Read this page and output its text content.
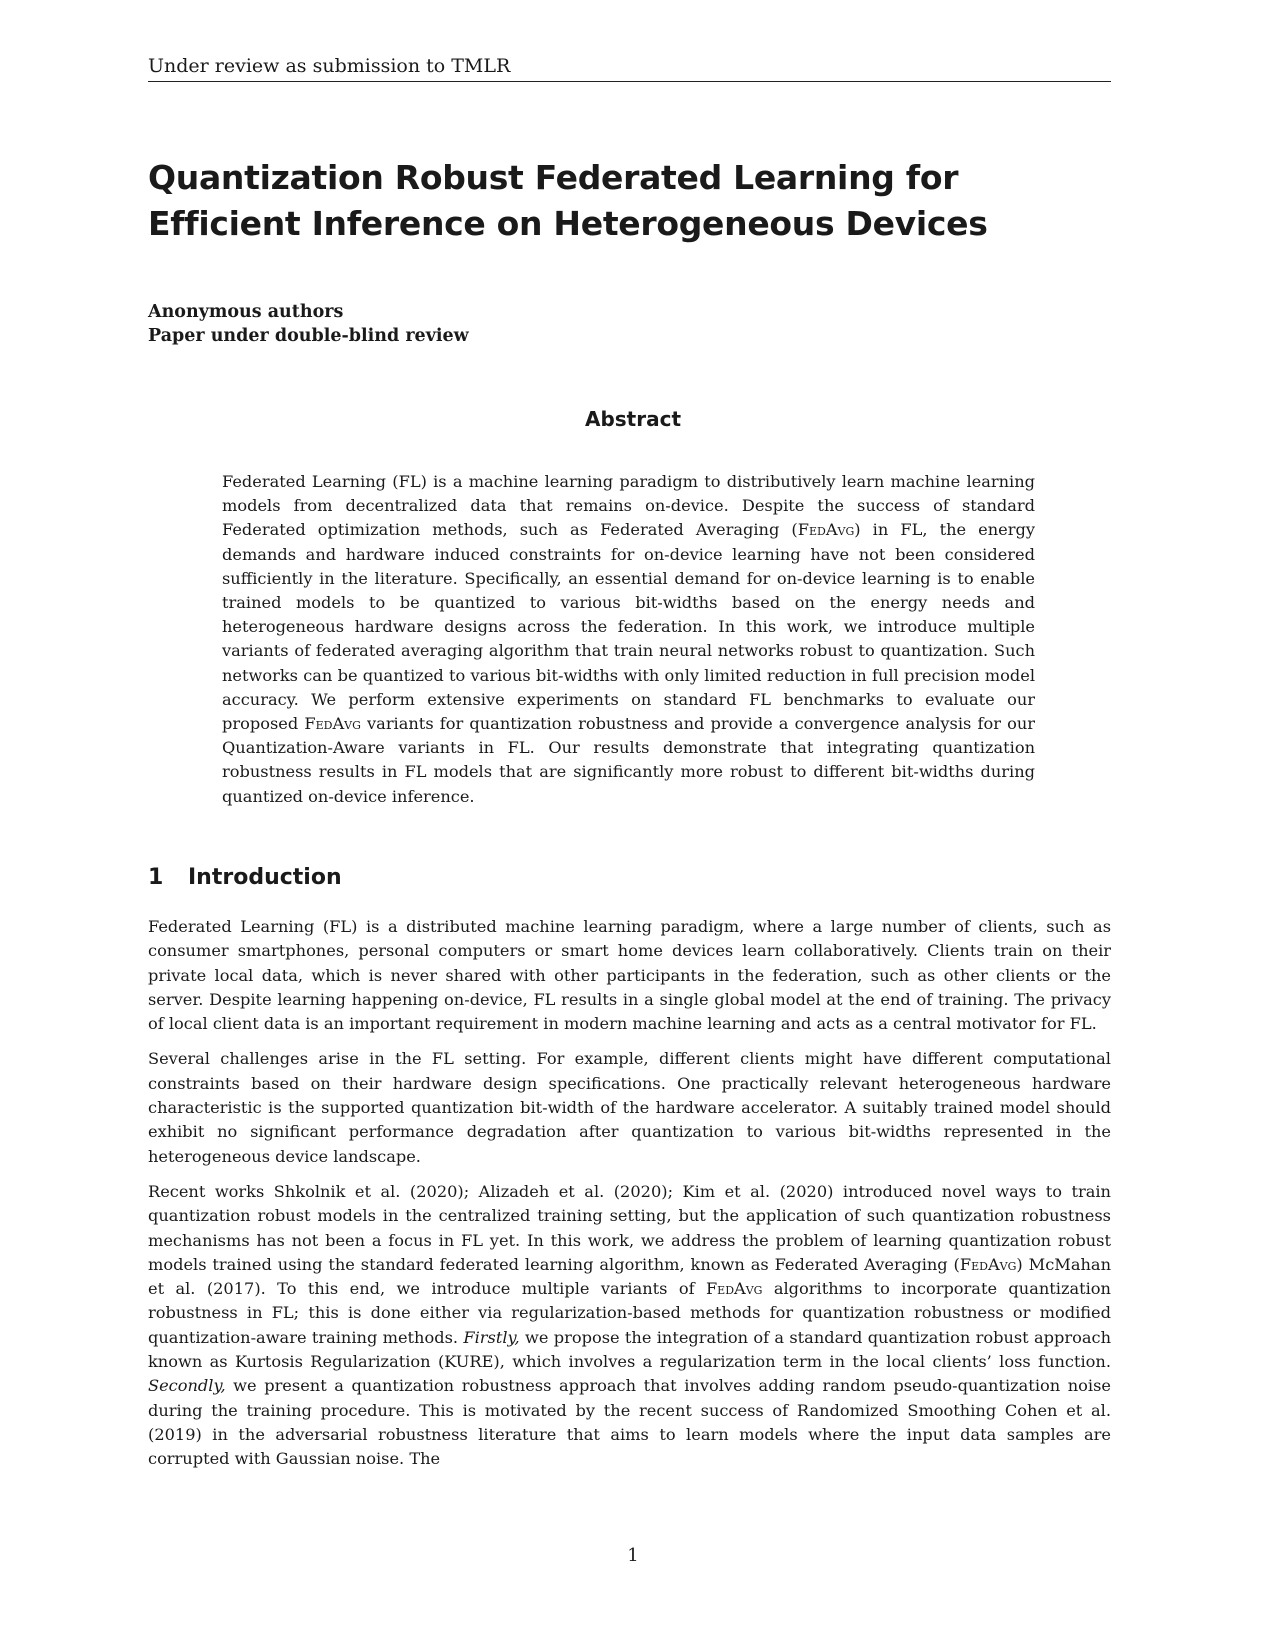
Under review as submission to TMLR
Quantization Robust Federated Learning for Efficient Inference on Heterogeneous Devices
Anonymous authors
Paper under double-blind review
Abstract

Federated Learning (FL) is a machine learning paradigm to distributively learn machine learning models from decentralized data that remains on-device. Despite the success of standard Federated optimization methods, such as Federated Averaging (FedAvg) in FL, the energy demands and hardware induced constraints for on-device learning have not been considered sufficiently in the literature. Specifically, an essential demand for on-device learning is to enable trained models to be quantized to various bit-widths based on the energy needs and heterogeneous hardware designs across the federation. In this work, we introduce multiple variants of federated averaging algorithm that train neural networks robust to quantization. Such networks can be quantized to various bit-widths with only limited reduction in full precision model accuracy. We perform extensive experiments on standard FL benchmarks to evaluate our proposed FedAvg variants for quantization robustness and provide a convergence analysis for our Quantization-Aware variants in FL. Our results demonstrate that integrating quantization robustness results in FL models that are significantly more robust to different bit-widths during quantized on-device inference.

1 Introduction

Federated Learning (FL) is a distributed machine learning paradigm, where a large number of clients, such as consumer smartphones, personal computers or smart home devices learn collaboratively. Clients train on their private local data, which is never shared with other participants in the federation, such as other clients or the server. Despite learning happening on-device, FL results in a single global model at the end of training. The privacy of local client data is an important requirement in modern machine learning and acts as a central motivator for FL.

Several challenges arise in the FL setting. For example, different clients might have different computational constraints based on their hardware design specifications. One practically relevant heterogeneous hardware characteristic is the supported quantization bit-width of the hardware accelerator. A suitably trained model should exhibit no significant performance degradation after quantization to various bit-widths represented in the heterogeneous device landscape.

Recent works Shkolnik et al. (2020); Alizadeh et al. (2020); Kim et al. (2020) introduced novel ways to train quantization robust models in the centralized training setting, but the application of such quantization robustness mechanisms has not been a focus in FL yet. In this work, we address the problem of learning quantization robust models trained using the standard federated learning algorithm, known as Federated Averaging (FedAvg) McMahan et al. (2017). To this end, we introduce multiple variants of FedAvg algorithms to incorporate quantization robustness in FL; this is done either via regularization-based methods for quantization robustness or modified quantization-aware training methods. Firstly, we propose the integration of a standard quantization robust approach known as Kurtosis Regularization (KURE), which involves a regularization term in the local clients’ loss function. Secondly, we present a quantization robustness approach that involves adding random pseudo-quantization noise during the training procedure. This is motivated by the recent success of Randomized Smoothing Cohen et al. (2019) in the adversarial robustness literature that aims to learn models where the input data samples are corrupted with Gaussian noise. The

1
